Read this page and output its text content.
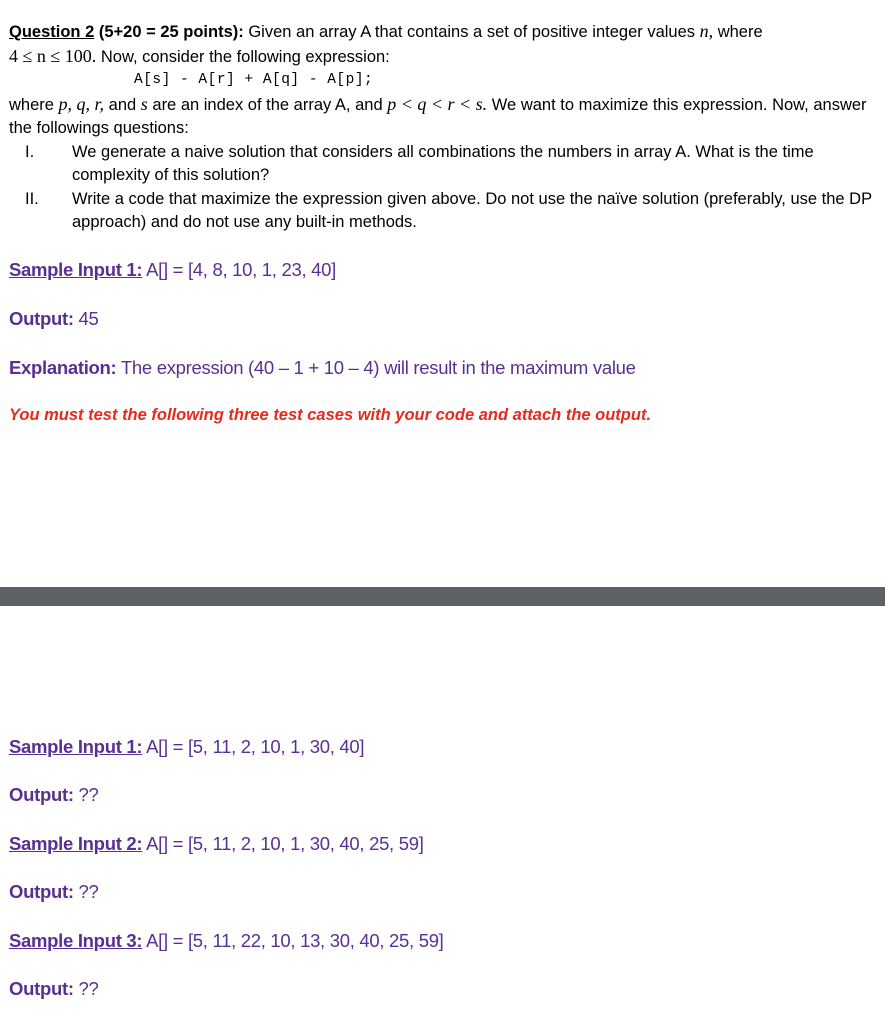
Question 2 (5+20 = 25 points): Given an array A that contains a set of positive integer values n, where
4 ≤ n ≤ 100. Now, consider the following expression:

A[s] - A[r] + A[q] - A[p];

where p, q, r, and s are an index of the array A, and p < q < r < s. We want to maximize this expression. Now, answer the followings questions:

I.	We generate a naive solution that considers all combinations the numbers in array A. What is the time complexity of this solution?
II.	Write a code that maximize the expression given above. Do not use the naïve solution (preferably, use the DP approach) and do not use any built-in methods.
Sample Input 1: A[] = [4, 8, 10, 1, 23, 40]
Output: 45
Explanation: The expression (40 – 1 + 10 – 4) will result in the maximum value
You must test the following three test cases with your code and attach the output.
Sample Input 1: A[] = [5, 11, 2, 10, 1, 30, 40]
Output: ??
Sample Input 2: A[] = [5, 11, 2, 10, 1, 30, 40, 25, 59]
Output: ??
Sample Input 3: A[] = [5, 11, 22, 10, 13, 30, 40, 25, 59]
Output: ??
